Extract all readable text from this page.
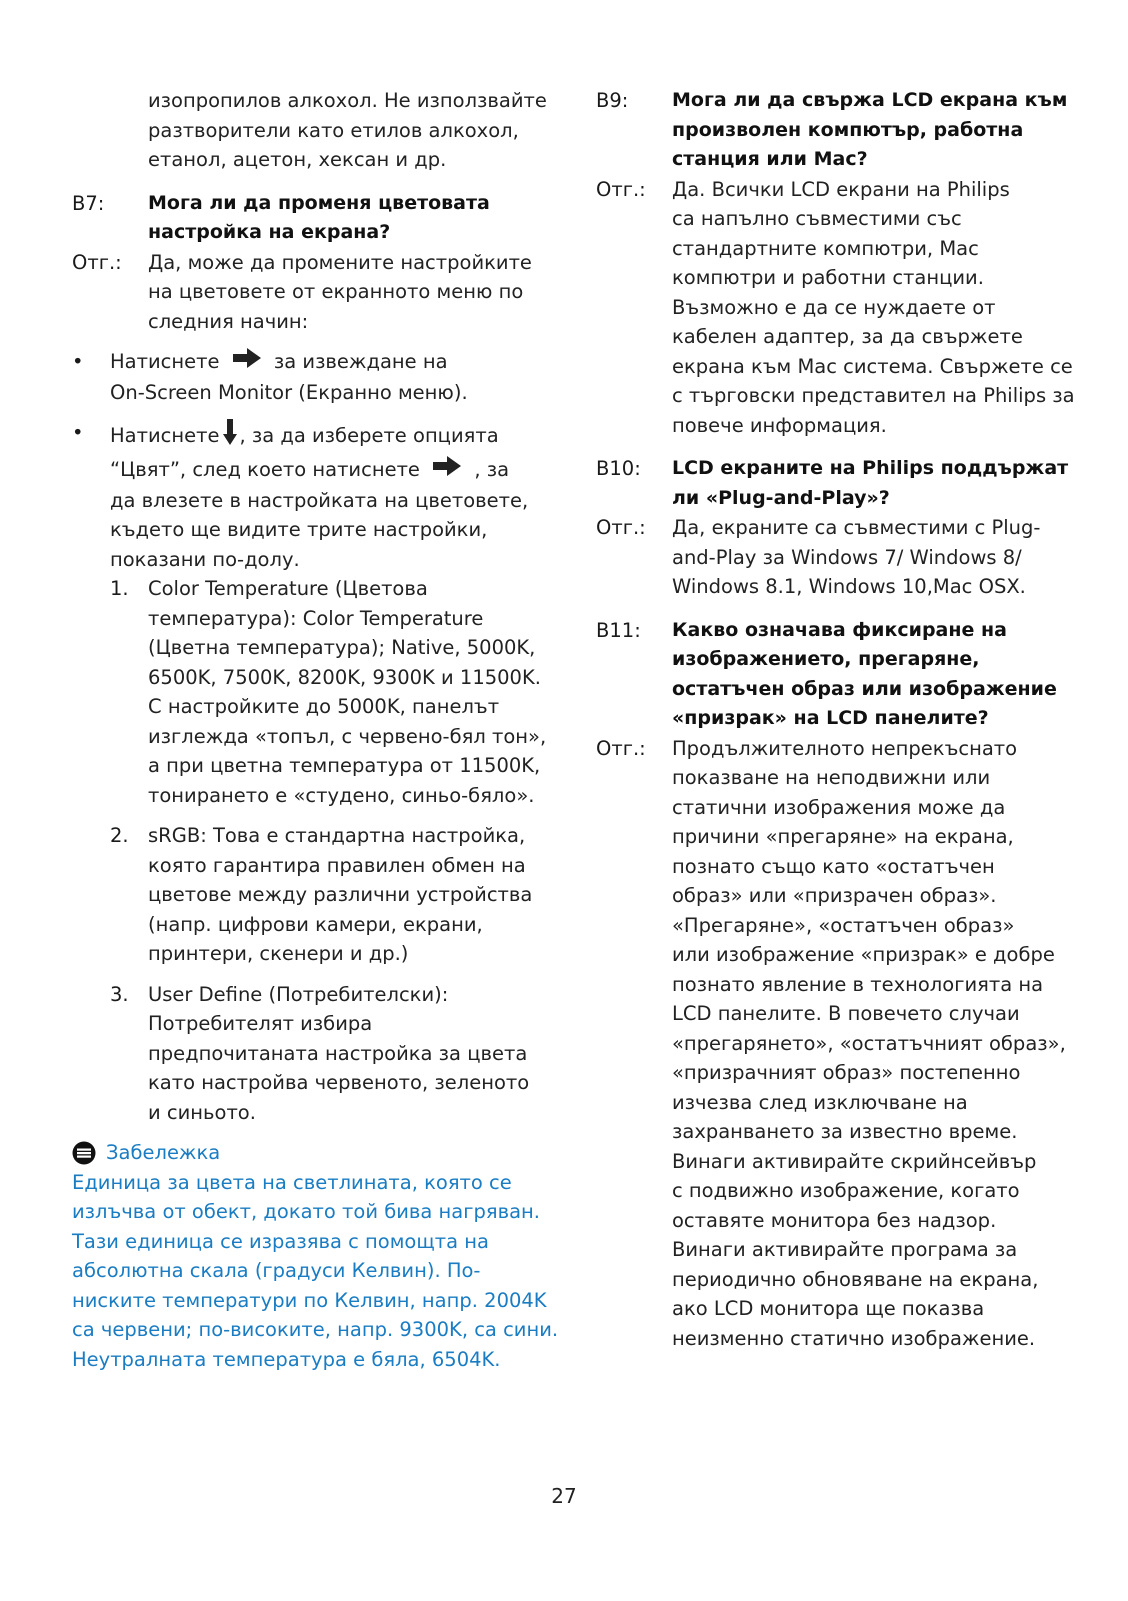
изопропилов алкохол. Не използвайте
разтворители като етилов алкохол,
етанол, ацетон, хексан и др.
В7:	Мога ли да променя цветовата
настройка на екрана?
Отг.:	Да, може да промените настройките
на цветовете от екранното меню по
следния начин:
•	Натиснете	за извеждане на
On-Screen Monitor (Екранно меню).
•	Натиснете , за да изберете опцията
“Цвят”, след което натиснете	, за
да влезете в настройката на цветовете,
където ще видите трите настройки,
показани по-долу.
1. Color Temperature (Цветова
температура): Color Temperature
(Цветна температура); Native, 5000K,
6500K, 7500K, 8200K, 9300K и 11500K.
С настройките до 5000K, панелът
изглежда «топъл, с червено-бял тон»,
а при цветна температура от 11500K,
тонирането е «студено, синьо-бяло».
2. sRGB: Това е стандартна настройка,
която гарантира правилен обмен на
цветове между различни устройства
(напр. цифрови камери, екрани,
принтери, скенери и др.)
3. User Define (Потребителски):
Потребителят избира
предпочитаната настройка за цвета
като настройва червеното, зеленото
и синьото.
Забележка
Единица за цвета на светлината, която се
излъчва от обект, докато той бива нагряван.
Тази единица се изразява с помощта на
абсолютна скала (градуси Келвин). По-
ниските температури по Келвин, напр. 2004K
са червени; по-високите, напр. 9300K, са сини.
Неутралната температура е бяла, 6504K.
В9:	Мога ли да свържа LCD екрана към
произволен компютър, работна
станция или Mac?
Отг.:	Да. Всички LCD екрани на Philips
са напълно съвместими със
стандартните компютри, Mac
компютри и работни станции.
Възможно е да се нуждаете от
кабелен адаптер, за да свържете
екрана към Mac система. Свържете се
с търговски представител на Philips за
повече информация.
В10:	LCD екраните на Philips поддържат
ли «Plug-and-Play»?
Отг.:	Да, екраните са съвместими с Plug-
and-Play за Windows 7/ Windows 8/
Windows 8.1, Windows 10,Mac OSX.
В11:	Какво означава фиксиране на
изображението, прегаряне,
остатъчен образ или изображение
«призрак» на LCD панелите?
Отг.:	Продължителното непрекъснато
показване на неподвижни или
статични изображения може да
причини «прегаряне» на екрана,
познато също като «остатъчен
образ» или «призрачен образ».
«Прегаряне», «остатъчен образ»
или изображение «призрак» е добре
познато явление в технологията на
LCD панелите. В повечето случаи
«прегарянето», «остатъчният образ»,
«призрачният образ» постепенно
изчезва след изключване на
захранването за известно време.
Винаги активирайте скрийнсейвър
с подвижно изображение, когато
оставяте монитора без надзор.
Винаги активирайте програма за
периодично обновяване на екрана,
ако LCD монитора ще показва
неизменно статично изображение.
27
